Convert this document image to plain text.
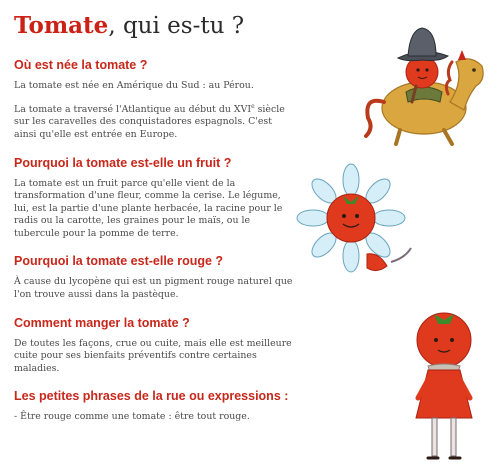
Tomate, qui es-tu ?
Où est née la tomate ?

La tomate est née en Amérique du Sud : au Pérou.

La tomate a traversé l'Atlantique au début du XVIe siècle sur les caravelles des conquistadores espagnols. C'est ainsi qu'elle est entrée en Europe.

Pourquoi la tomate est-elle un fruit ?

La tomate est un fruit parce qu'elle vient de la transformation d'une fleur, comme la cerise. Le légume, lui, est la partie d'une plante herbacée, la racine pour le radis ou la carotte, les graines pour le maïs, ou le tubercule pour la pomme de terre.

Pourquoi la tomate est-elle rouge ?

À cause du lycopène qui est un pigment rouge naturel que l'on trouve aussi dans la pastèque.

Comment manger la tomate ?

De toutes les façons, crue ou cuite, mais elle est meilleure cuite pour ses bienfaits préventifs contre certaines maladies.

Les petites phrases de la rue ou expressions :

- Être rouge comme une tomate : être tout rouge.
